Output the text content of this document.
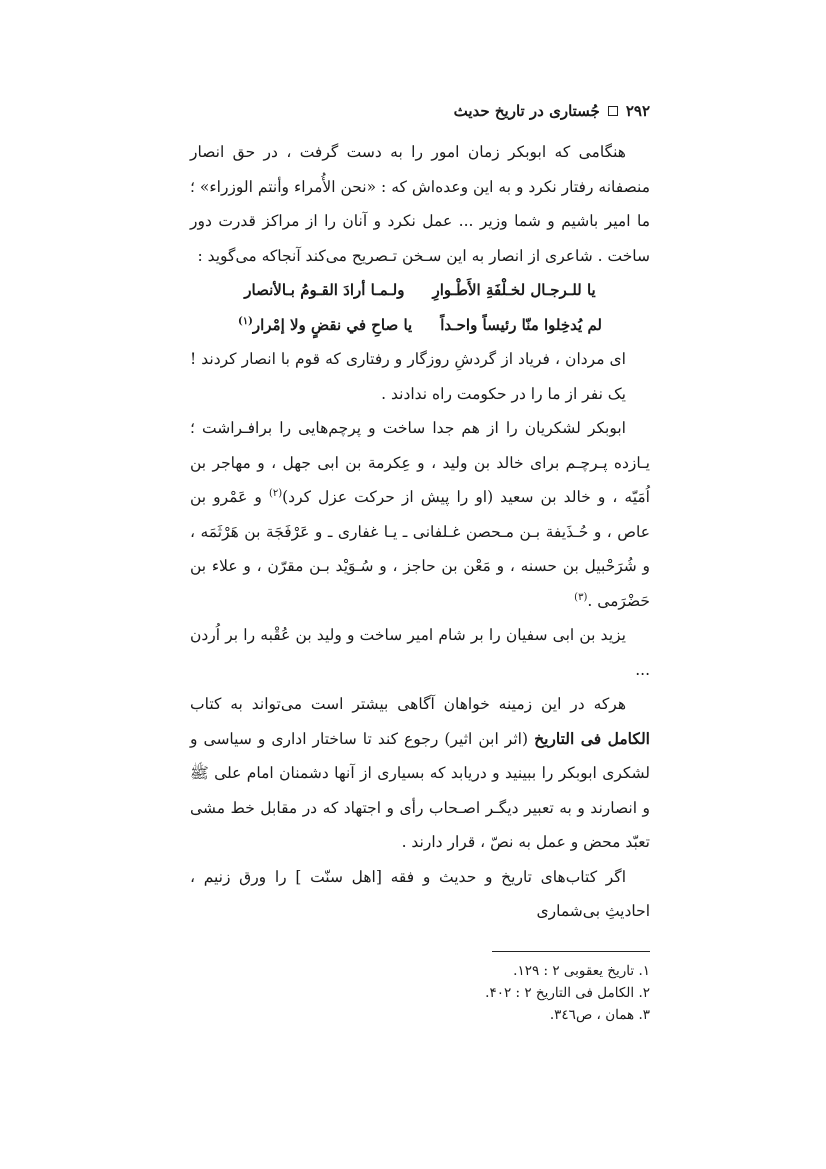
۲۹۲
جُستاری در تاریخ حدیث

هنگامی که ابوبکر زمان امور را به دست گرفت ، در حق انصار منصفانه رفتار نکرد و به این وعده‌اش که : «نحن الأُمراء وأنتم الوزراء» ؛ ما امیر باشیم و شما وزیر ... عمل نکرد و آنان را از مراکز قدرت دور ساخت . شاعری از انصار به این سـخن تـصریح می‌کند آنجاکه می‌گوید :

یا للـرجـال لخـلْفَةِ الأَطْـوارِ
ولـمـا أرادَ القـومُ بـالأنصار
لم يُدخِلوا منّا رئيساً واحـداً
يا صاحِ في نقضٍ ولا إمْرار$^{(۱)}$

ای مردان ، فریاد از گردشِ روزگار و رفتاری که قوم با انصار کردند ! یک نفر از ما را در حکومت راه ندادند .

ابوبکر لشکریان را از هم جدا ساخت و پرچم‌هایی را برافـراشت ؛ یـازده پـرچـم برای خالد بن ولید ، و عِکرمة بن ابی جهل ، و مهاجر بن اُمَیّه ، و خالد بن سعید (او را پیش از حرکت عزل کرد)$^{(۲)}$ و عَمْرو بن عاص ، و حُـذَیفة بـن مـحصن غـلفانی ـ یـا غفاری ـ و عَرْفَجَة بن هَرْثَمَه ، و شُرَحْبیل بن حسنه ، و مَعْن بن حاجز ، و سُـوَیْد بـن مقرّن ، و علاء بن حَضْرَمی .$^{(۳)}$

یزید بن ابی سفیان را بر شام امیر ساخت و ولید بن عُقْبه را بر اُردن ...

هرکه در این زمینه خواهان آگاهی بیشتر است می‌تواند به کتاب الکامل فی التاریخ (اثر ابن اثیر) رجوع کند تا ساختار اداری و سیاسی و لشکری ابوبکر را ببینید و دریابد که بسیاری از آنها دشمنان امام علی ﷺ و انصارند و به تعبیر دیگـر اصـحاب رأی و اجتهاد که در مقابل خط مشی تعبّد محض و عمل به نصّ ، قرار دارند .

اگر کتاب‌های تاریخ و حدیث و فقه [اهل سنّت ] را ورق زنیم ، احادیثِ بی‌شماری

۱. تاریخ یعقوبی ۲ : ۱۲۹.
۲. الکامل فی التاریخ ۲ : ۴۰۲.
۳. همان ، ص۳٤٦.
